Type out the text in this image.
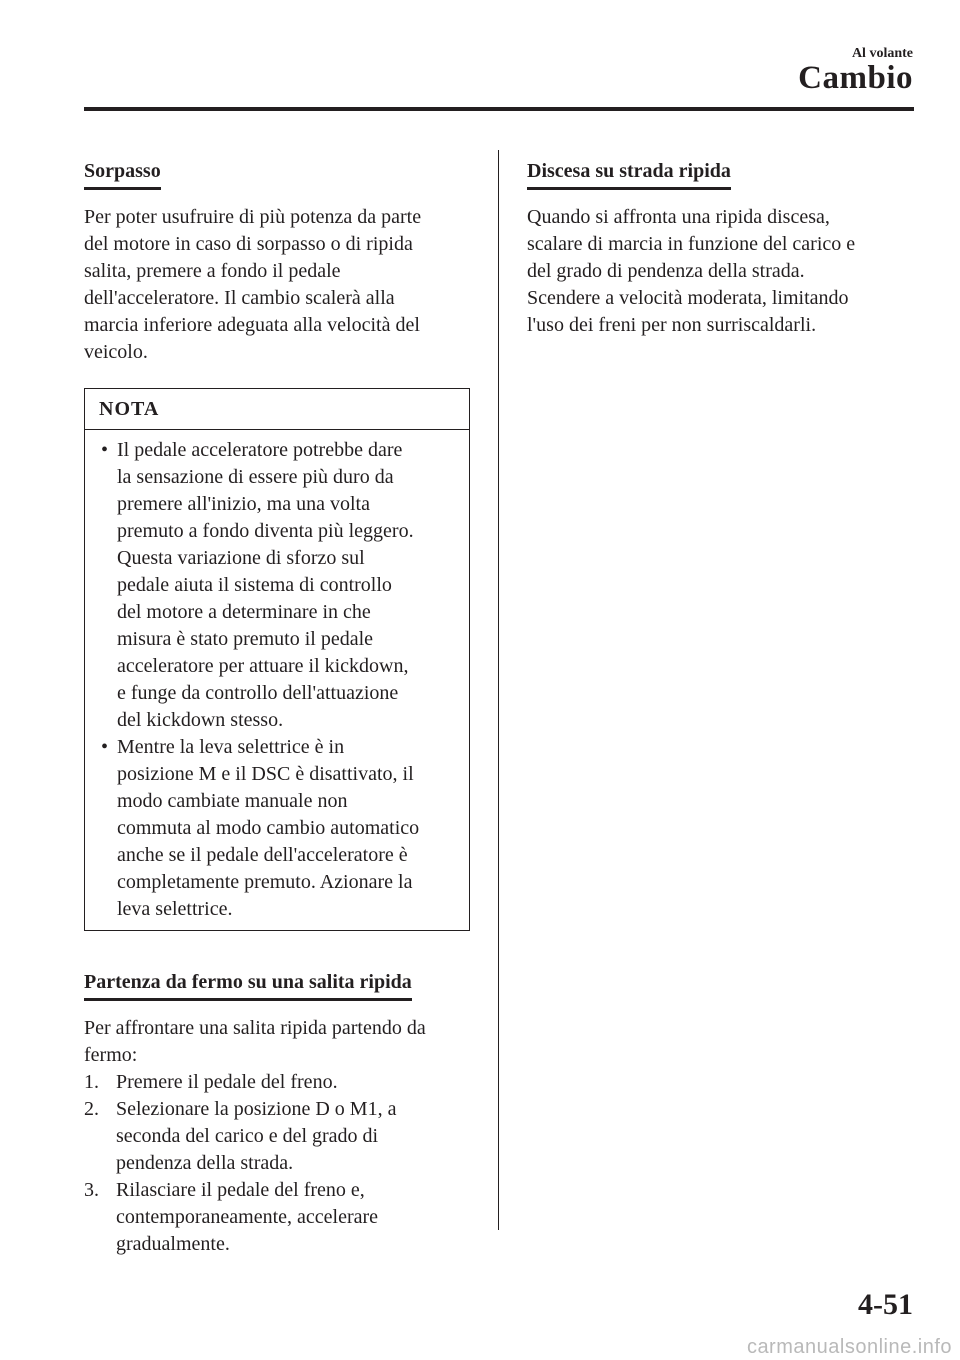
Al volante
Cambio
Sorpasso

Per poter usufruire di più potenza da parte
del motore in caso di sorpasso o di ripida
salita, premere a fondo il pedale
dell'acceleratore. Il cambio scalerà alla
marcia inferiore adeguata alla velocità del
veicolo.

NOTA
• Il pedale acceleratore potrebbe dare
la sensazione di essere più duro da
premere all'inizio, ma una volta
premuto a fondo diventa più leggero.
Questa variazione di sforzo sul
pedale aiuta il sistema di controllo
del motore a determinare in che
misura è stato premuto il pedale
acceleratore per attuare il kickdown,
e funge da controllo dell'attuazione
del kickdown stesso.
• Mentre la leva selettrice è in
posizione M e il DSC è disattivato, il
modo cambiate manuale non
commuta al modo cambio automatico
anche se il pedale dell'acceleratore è
completamente premuto. Azionare la
leva selettrice.
Partenza da fermo su una salita ripida

Per affrontare una salita ripida partendo da
fermo:

1. Premere il pedale del freno.
2. Selezionare la posizione D o M1, a
seconda del carico e del grado di
pendenza della strada.
3. Rilasciare il pedale del freno e,
contemporaneamente, accelerare
gradualmente.
Discesa su strada ripida

Quando si affronta una ripida discesa,
scalare di marcia in funzione del carico e
del grado di pendenza della strada.
Scendere a velocità moderata, limitando
l'uso dei freni per non surriscaldarli.

4-51
carmanualsonline.info
